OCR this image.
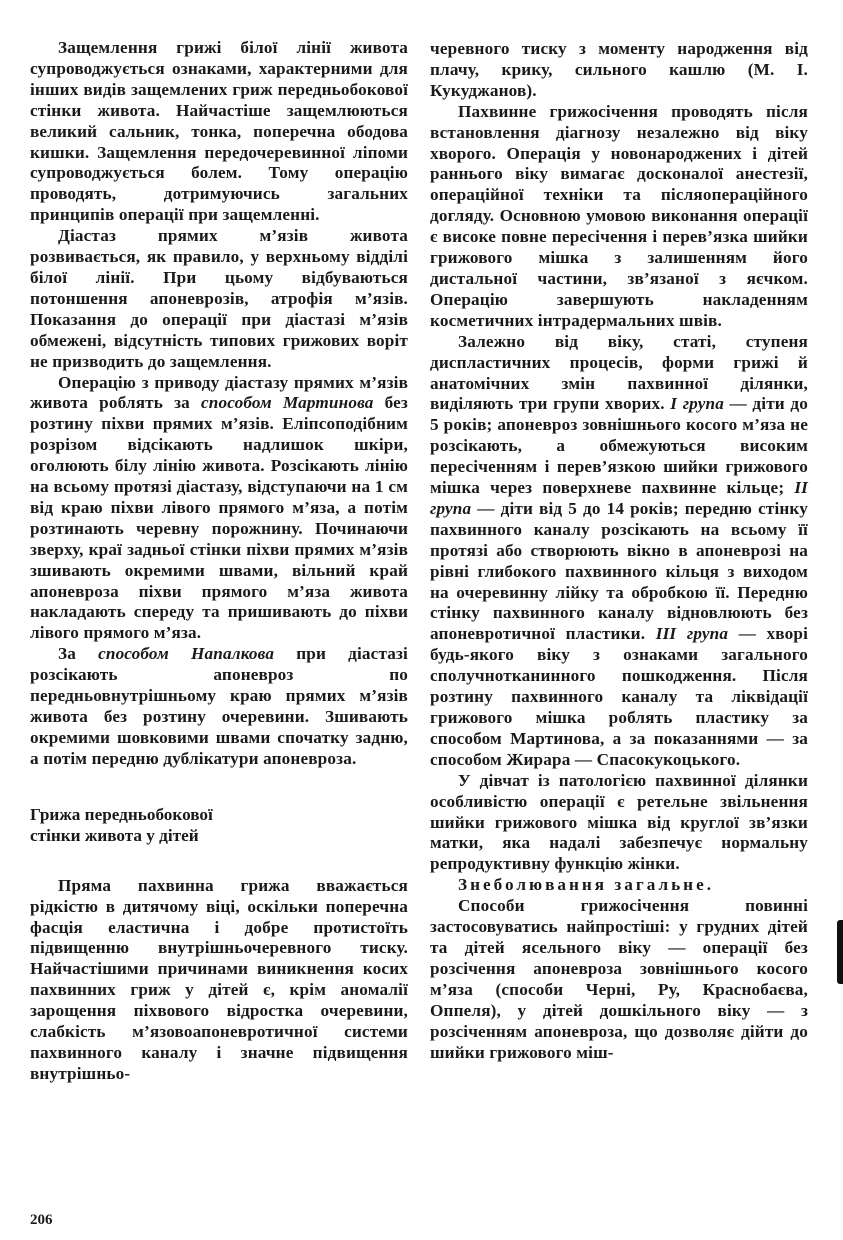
Защемлення грижі білої лінії живота супроводжується ознаками, характерними для інших видів защемлених гриж передньобокової стінки живота. Найчастіше защемлюються великий сальник, тонка, поперечна ободова кишки. Защемлення передочеревинної ліпоми супроводжується болем. Тому операцію проводять, дотримуючись загальних принципів операції при защемленні.

Діастаз прямих м’язів живота розвивається, як правило, у верхньому відділі білої лінії. При цьому відбуваються потоншення апоневрозів, атрофія м’язів. Показання до операції при діастазі м’язів обмежені, відсутність типових грижових воріт не призводить до защемлення.

Операцію з приводу діастазу прямих м’язів живота роблять за способом Мартинова без розтину піхви прямих м’язів. Еліпсоподібним розрізом відсікають надлишок шкіри, оголюють білу лінію живота. Розсікають лінію на всьому протязі діастазу, відступаючи на 1 см від краю піхви лівого прямого м’яза, а потім розтинають черевну порожнину. Починаючи зверху, краї задньої стінки піхви прямих м’язів зшивають окремими швами, вільний край апоневроза піхви прямого м’яза живота накладають спереду та пришивають до піхви лівого прямого м’яза.

За способом Напалкова при діастазі розсікають апоневроз по передньовнутрішньому краю прямих м’язів живота без розтину очеревини. Зшивають окремими шовковими швами спочатку задню, а потім передню дублікатури апоневроза.

Грижа передньобокової

стінки живота у дітей

Пряма пахвинна грижа вважається рідкістю в дитячому віці, оскільки поперечна фасція еластична і добре протистоїть підвищенню внутрішньочеревного тиску. Найчастішими причинами виникнення косих пахвинних гриж у дітей є, крім аномалії зарощення піхвового відростка очеревини, слабкість м’язовоапоневротичної системи пахвинного каналу і значне підвищення внутрішньо-

черевного тиску з моменту народження від плачу, крику, сильного кашлю (М. І. Кукуджанов).

Пахвинне грижосічення проводять після встановлення діагнозу незалежно від віку хворого. Операція у новонароджених і дітей раннього віку вимагає досконалої анестезії, операційної техніки та післяопераційного догляду. Основною умовою виконання операції є високе повне пересічення і перев’язка шийки грижового мішка з залишенням його дистальної частини, зв’язаної з яєчком. Операцію завершують накладенням косметичних інтрадермальних швів.

Залежно від віку, статі, ступеня диспластичних процесів, форми грижі й анатомічних змін пахвинної ділянки, виділяють три групи хворих. І група — діти до 5 років; апоневроз зовнішнього косого м’яза не розсікають, а обмежуються високим пересіченням і перев’язкою шийки грижового мішка через поверхневе пахвинне кільце; ІІ група — діти від 5 до 14 років; передню стінку пахвинного каналу розсікають на всьому її протязі або створюють вікно в апоневрозі на рівні глибокого пахвинного кільця з виходом на очеревинну лійку та обробкою її. Передню стінку пахвинного каналу відновлюють без апоневротичної пластики. ІІІ група — хворі будь-якого віку з ознаками загального сполучнотканинного пошкодження. Після розтину пахвинного каналу та ліквідації грижового мішка роблять пластику за способом Мартинова, а за показаннями — за способом Жирара — Спасокукоцького.

У дівчат із патологією пахвинної ділянки особливістю операції є ретельне звільнення шийки грижового мішка від круглої зв’язки матки, яка надалі забезпечує нормальну репродуктивну функцію жінки.

Знеболювання загальне.

Способи грижосічення повинні застосовуватись найпростіші: у грудних дітей та дітей ясельного віку — операції без розсічення апоневроза зовнішнього косого м’яза (способи Черні, Ру, Краснобаєва, Оппеля), у дітей дошкільного віку — з розсіченням апоневроза, що дозволяє дійти до шийки грижового міш-

206
